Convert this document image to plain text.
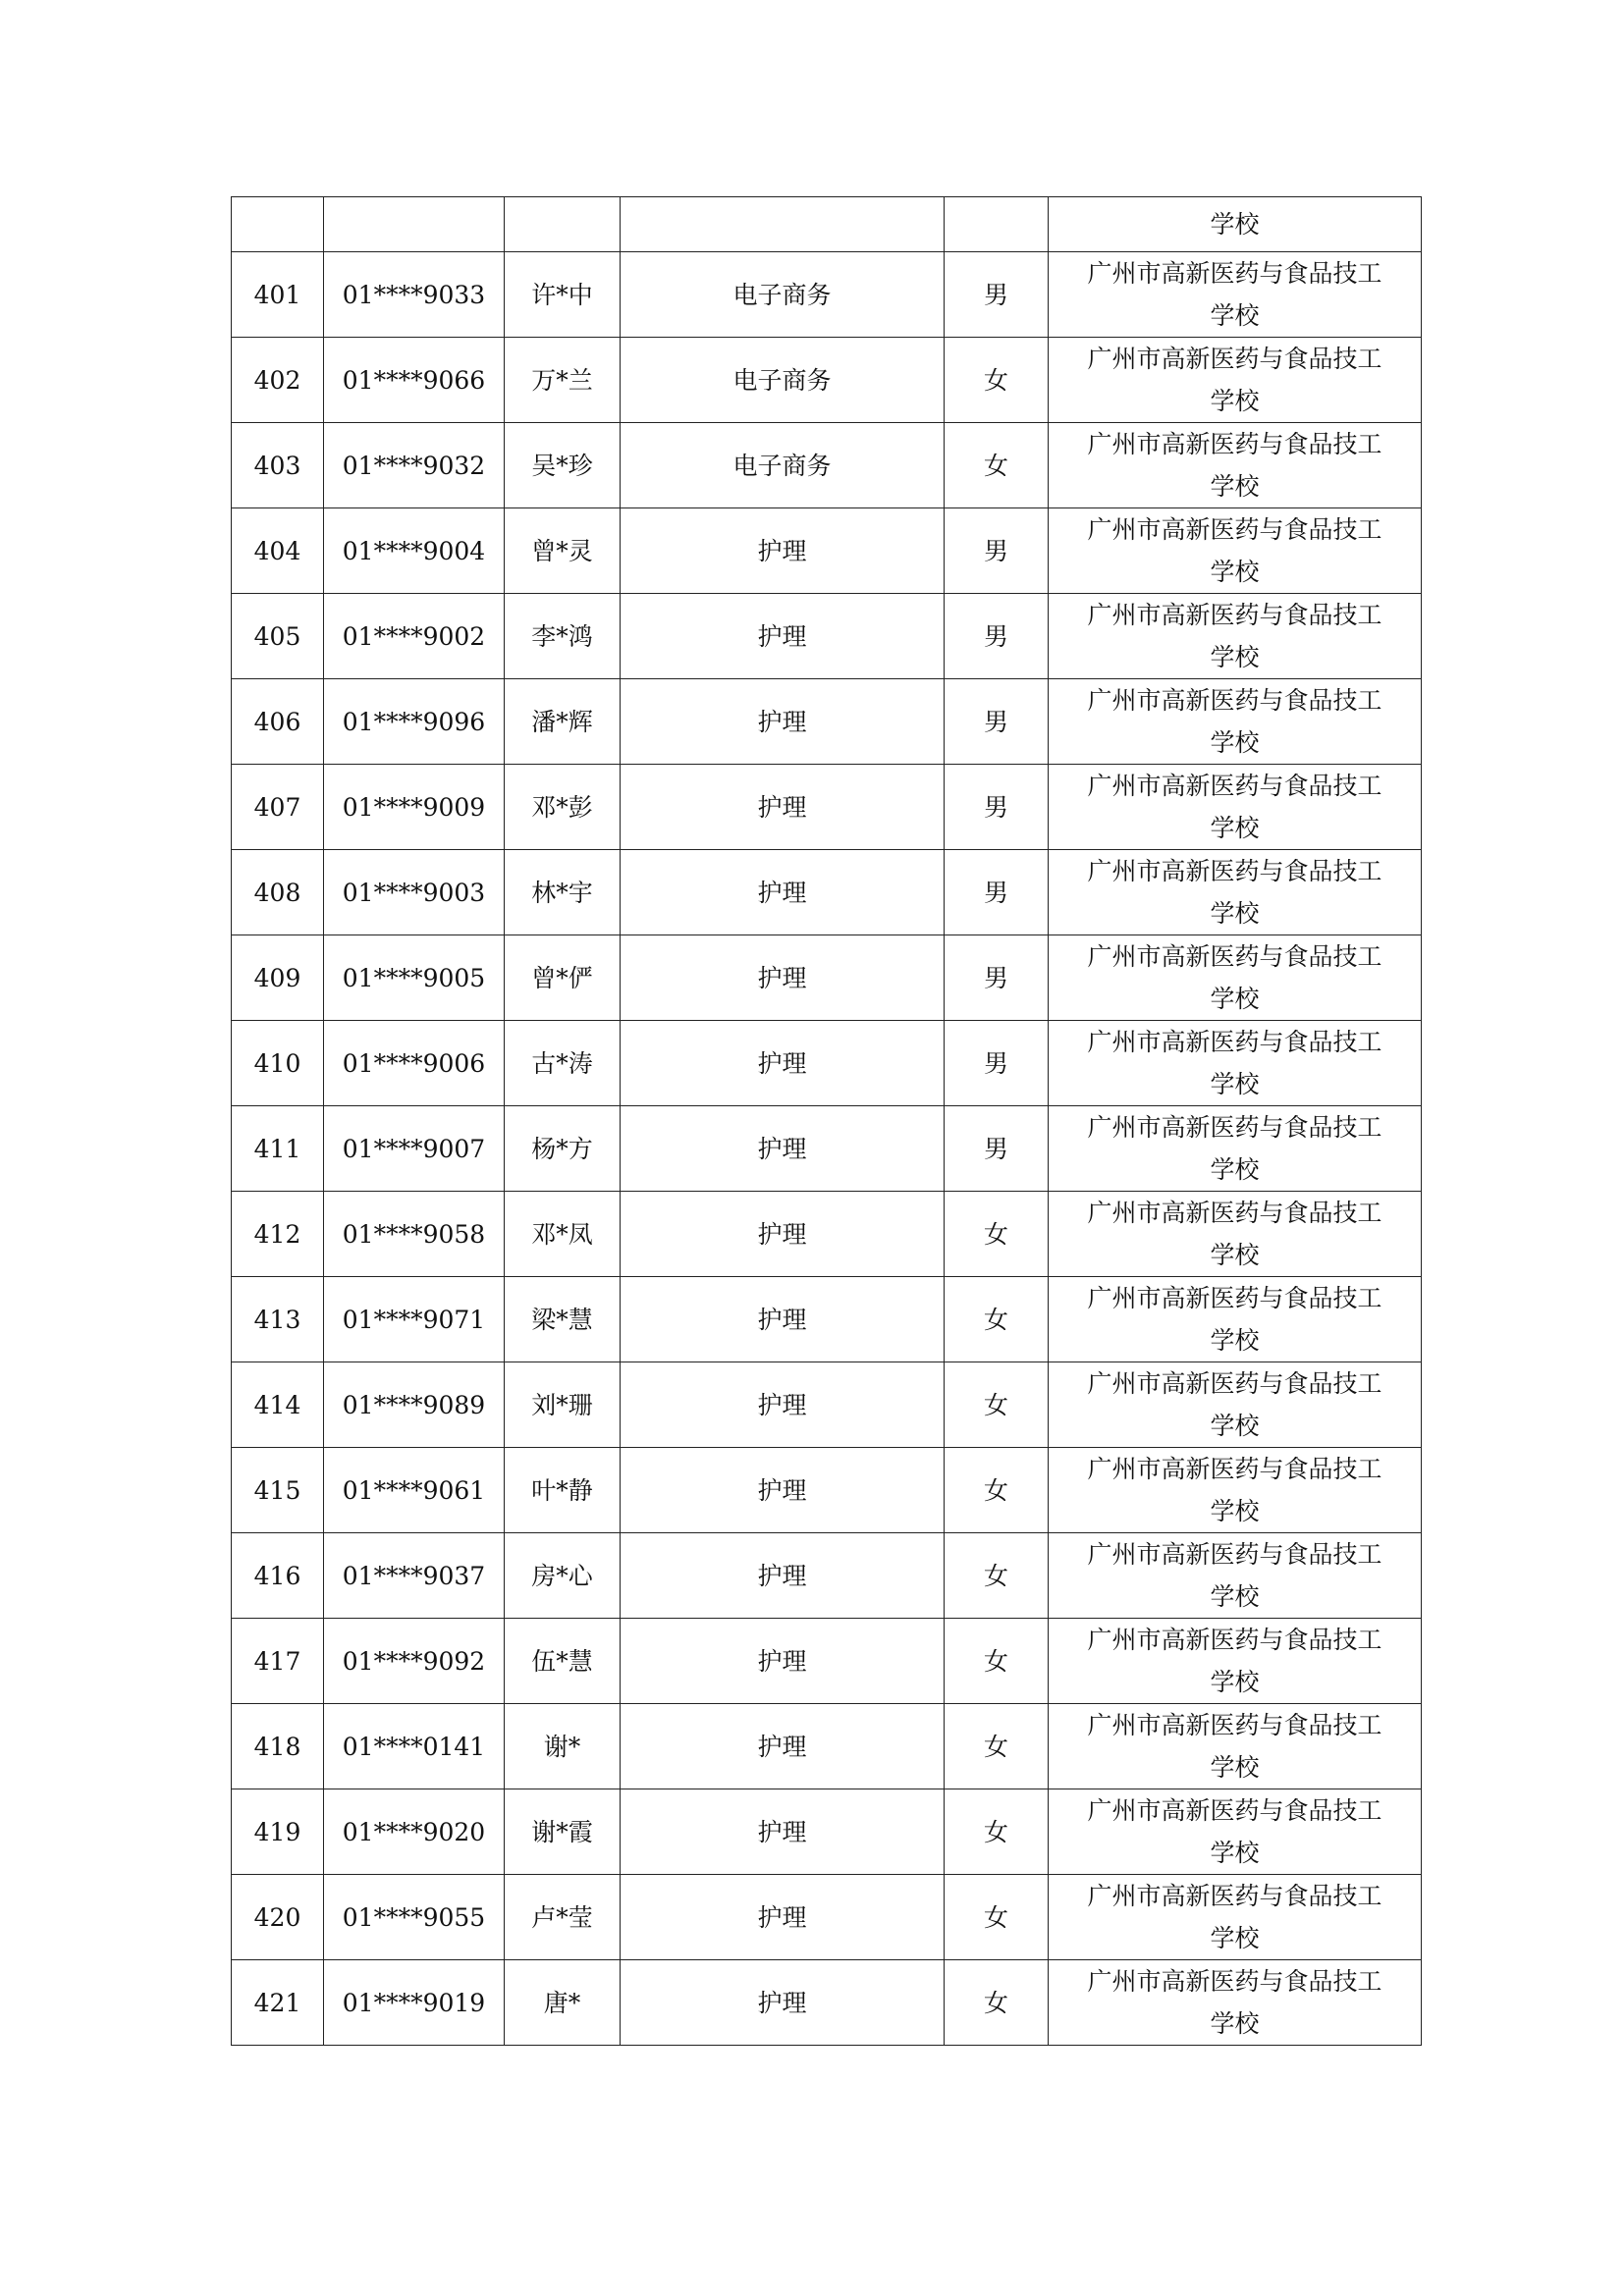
					学校
401	01****9033	许*中	电子商务	男	广州市高新医药与食品技工
学校

402	01****9066	万*兰	电子商务	女	广州市高新医药与食品技工
学校

403	01****9032	吴*珍	电子商务	女	广州市高新医药与食品技工
学校

404	01****9004	曾*灵	护理	男	广州市高新医药与食品技工
学校

405	01****9002	李*鸿	护理	男	广州市高新医药与食品技工
学校

406	01****9096	潘*辉	护理	男	广州市高新医药与食品技工
学校

407	01****9009	邓*彭	护理	男	广州市高新医药与食品技工
学校

408	01****9003	林*宇	护理	男	广州市高新医药与食品技工
学校

409	01****9005	曾*俨	护理	男	广州市高新医药与食品技工
学校

410	01****9006	古*涛	护理	男	广州市高新医药与食品技工
学校

411	01****9007	杨*方	护理	男	广州市高新医药与食品技工
学校

412	01****9058	邓*凤	护理	女	广州市高新医药与食品技工
学校

413	01****9071	梁*慧	护理	女	广州市高新医药与食品技工
学校

414	01****9089	刘*珊	护理	女	广州市高新医药与食品技工
学校

415	01****9061	叶*静	护理	女	广州市高新医药与食品技工
学校

416	01****9037	房*心	护理	女	广州市高新医药与食品技工
学校

417	01****9092	伍*慧	护理	女	广州市高新医药与食品技工
学校

418	01****0141	谢*	护理	女	广州市高新医药与食品技工
学校

419	01****9020	谢*霞	护理	女	广州市高新医药与食品技工
学校

420	01****9055	卢*莹	护理	女	广州市高新医药与食品技工
学校

421	01****9019	唐*	护理	女	广州市高新医药与食品技工
学校
